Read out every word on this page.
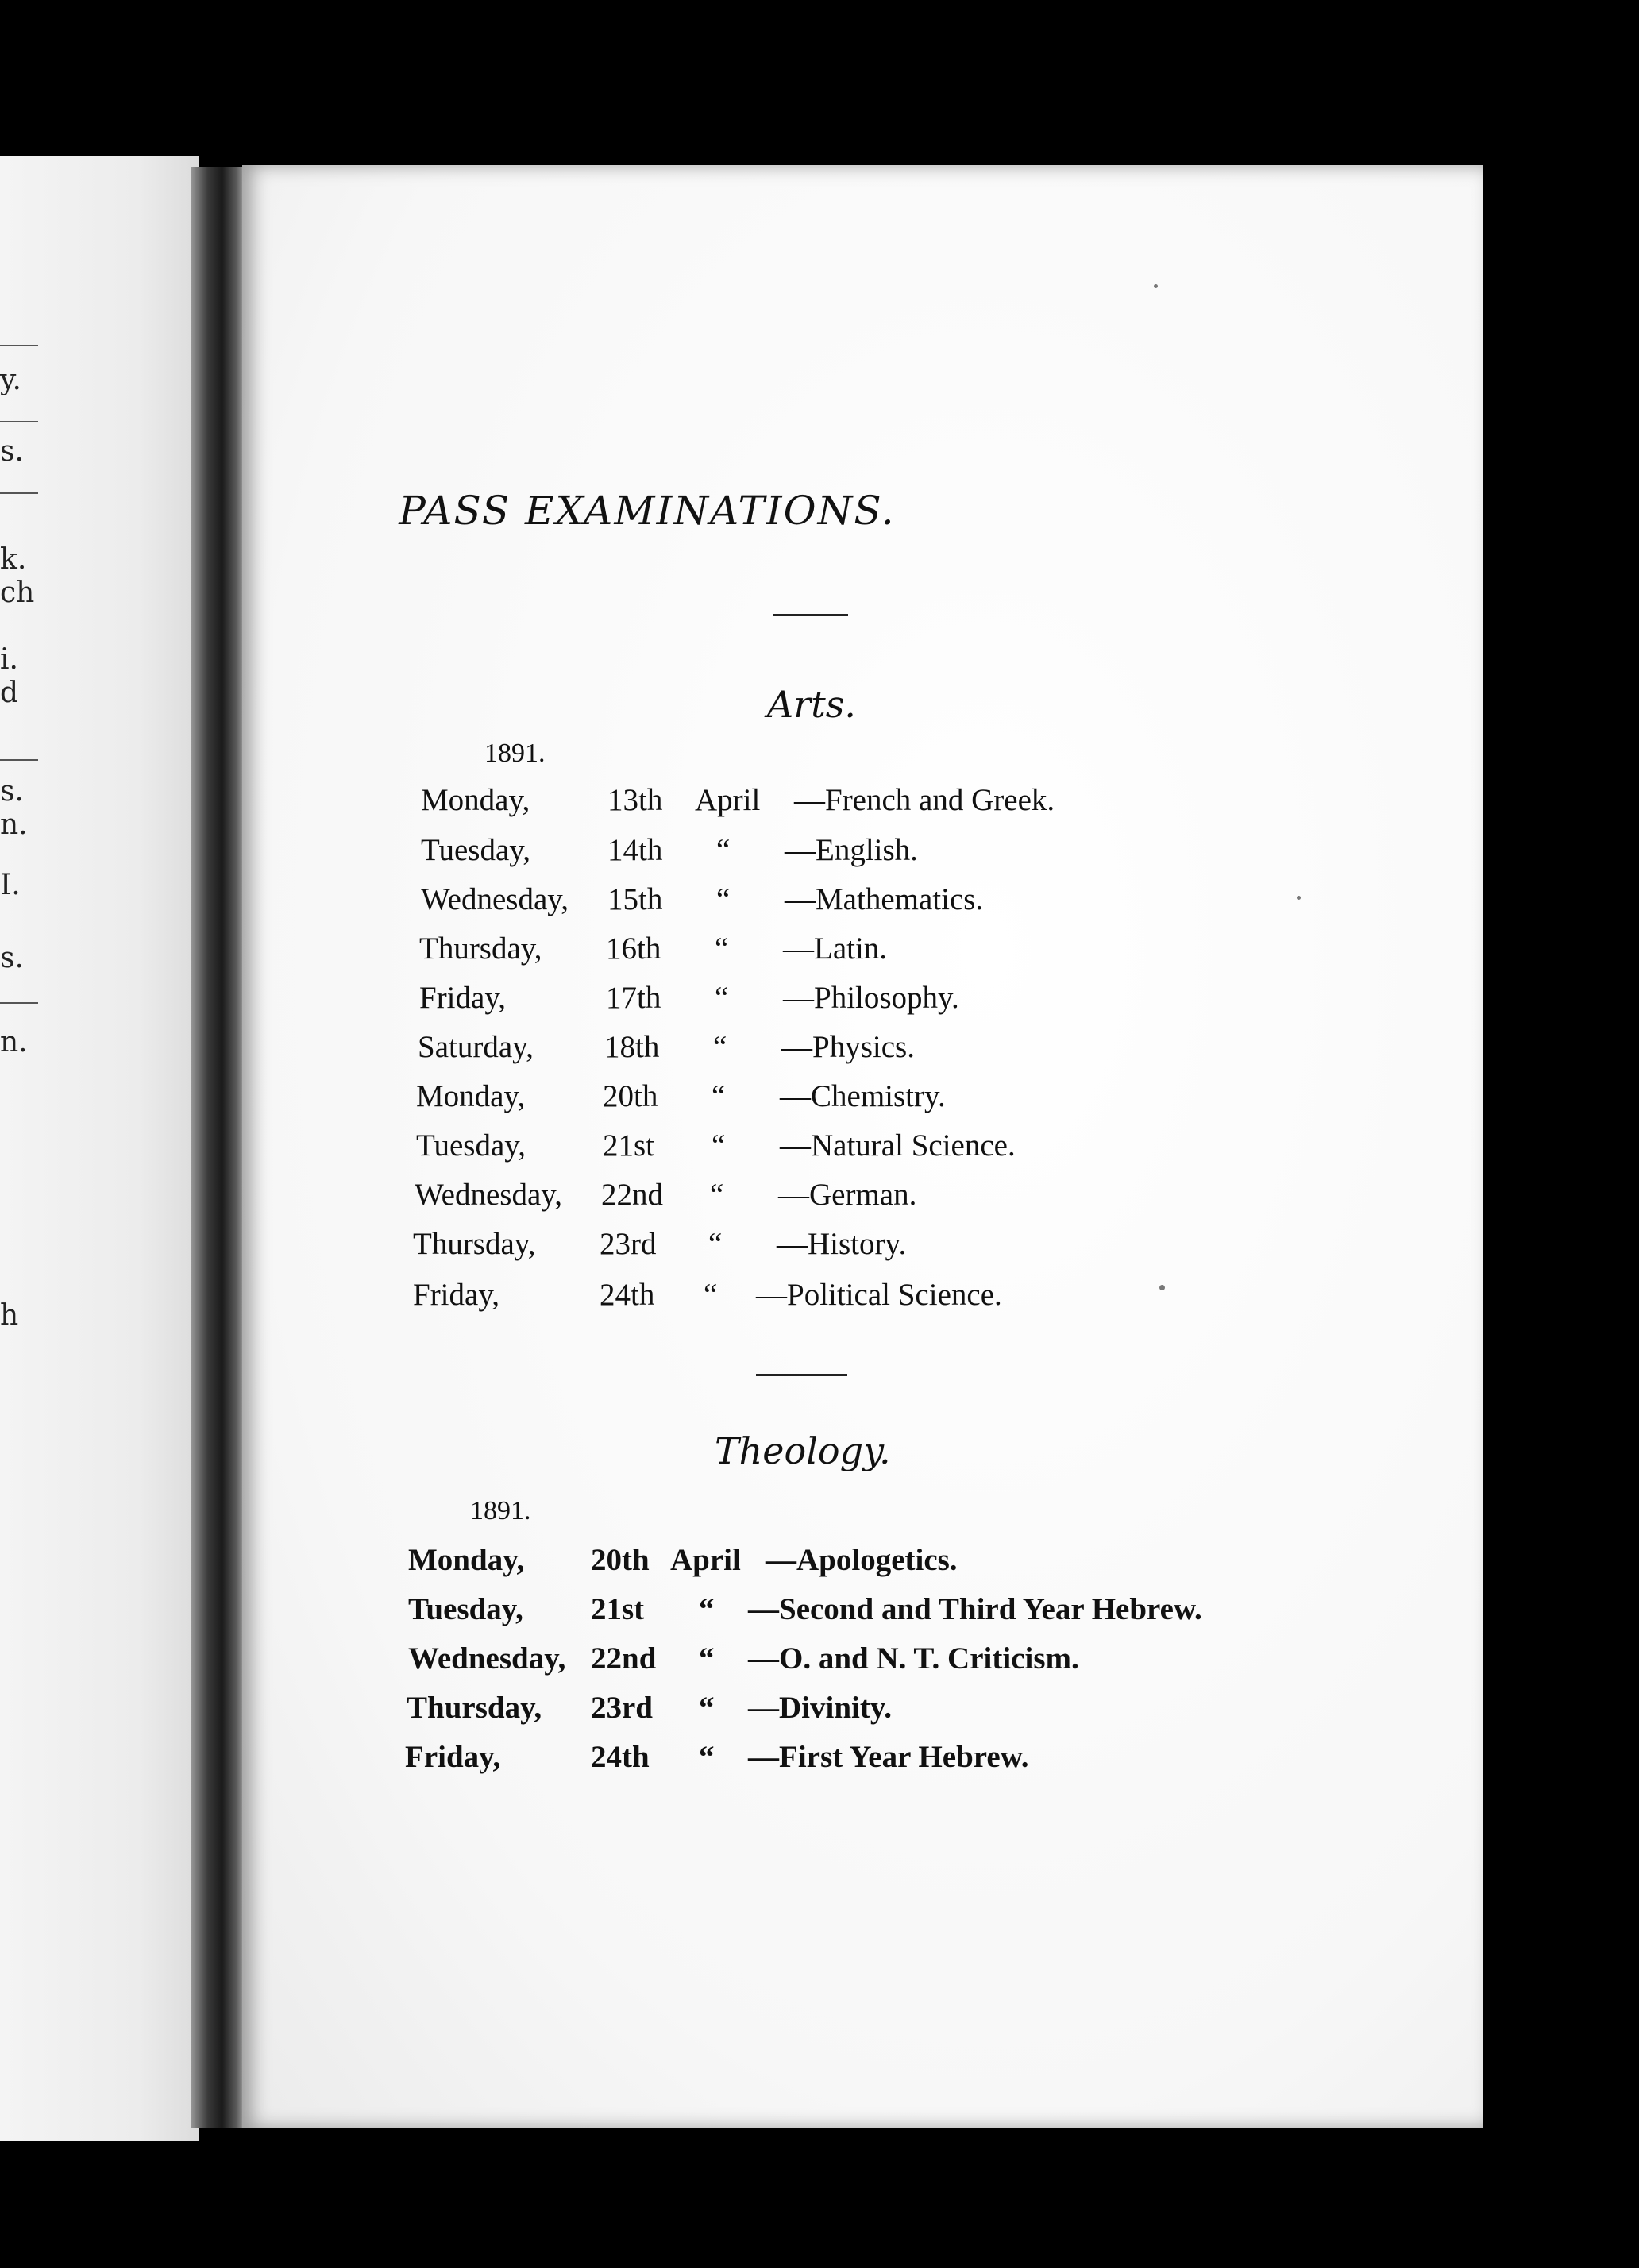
y.
s.
k.
ch
i.
d
s.
n.
I.
s.
n.
h
PASS EXAMINATIONS.
Arts.
1891.
Monday,	13th April —French and Greek.
Tuesday, 14th “ —English.
Wednesday, 15th “ —Mathematics.
Thursday, 16th “ —Latin.
Friday,	17th “ —Philosophy.
Saturday, 18th “ —Physics.
Monday,	20th “ —Chemistry.
Tuesday, 21st “ —Natural Science.
Wednesday, 22nd “ —German.
Thursday, 23rd “ —History.
Friday,	24th “ —Political Science.
Theology.
1891.
Monday, 20th April —Apologetics.
Tuesday, 21st “ —Second and Third Year Hebrew.
Wednesday, 22nd “ —O. and N. T. Criticism.
Thursday, 23rd “ —Divinity.
Friday,	24th “ —First Year Hebrew.
